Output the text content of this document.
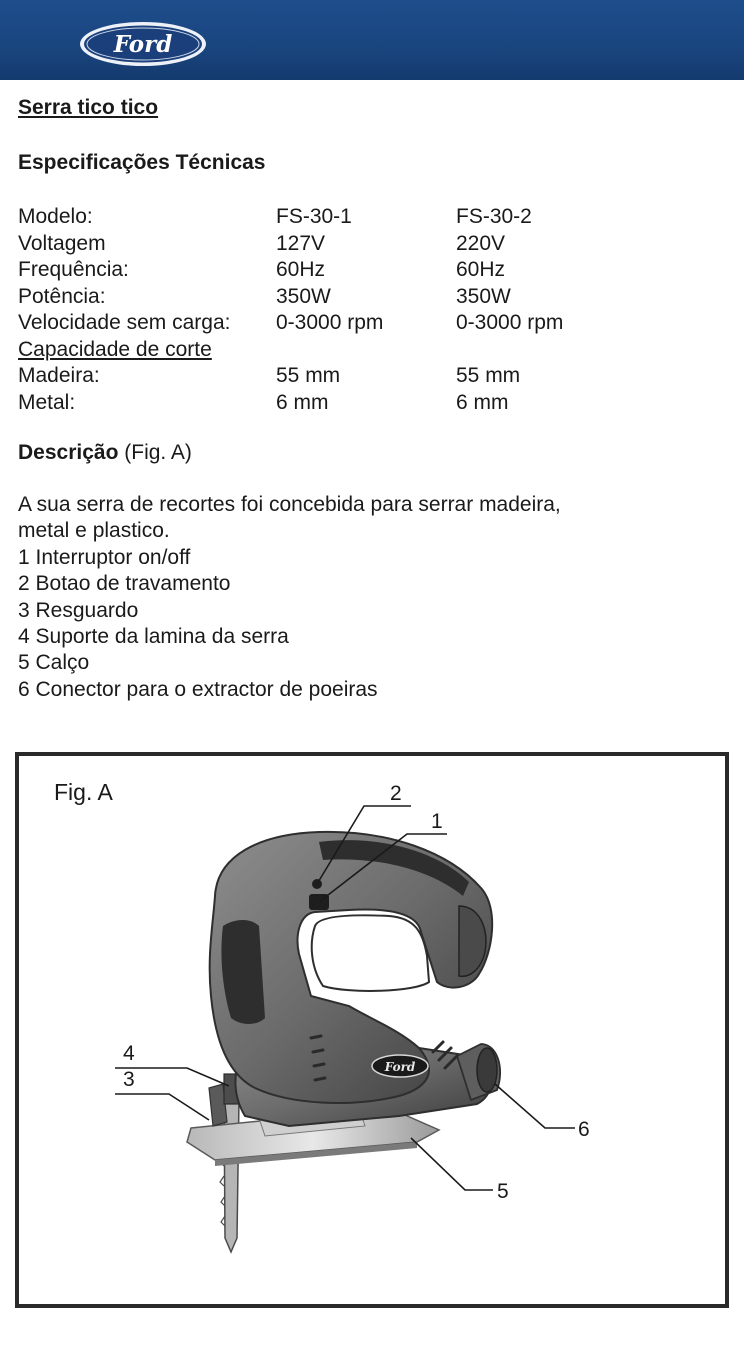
Ford
Serra tico tico
Especificações Técnicas
Modelo:	FS-30-1	FS-30-2
Voltagem	127V	220V
Frequência:	60Hz	60Hz
Potência:	350W	350W
Velocidade sem carga: 0-3000 rpm	0-3000 rpm
Capacidade de corte
Madeira:	55 mm	55 mm
Metal:	6 mm	6 mm
Descrição (Fig. A)

A sua serra de recortes foi concebida para serrar madeira,

metal e plastico.

1 Interruptor on/off

2 Botao de travamento

3 Resguardo

4 Suporte da lamina da serra

5 Calço

6 Conector para o extractor de poeiras

Fig. A
Ford
1
2
3
4
5
6
